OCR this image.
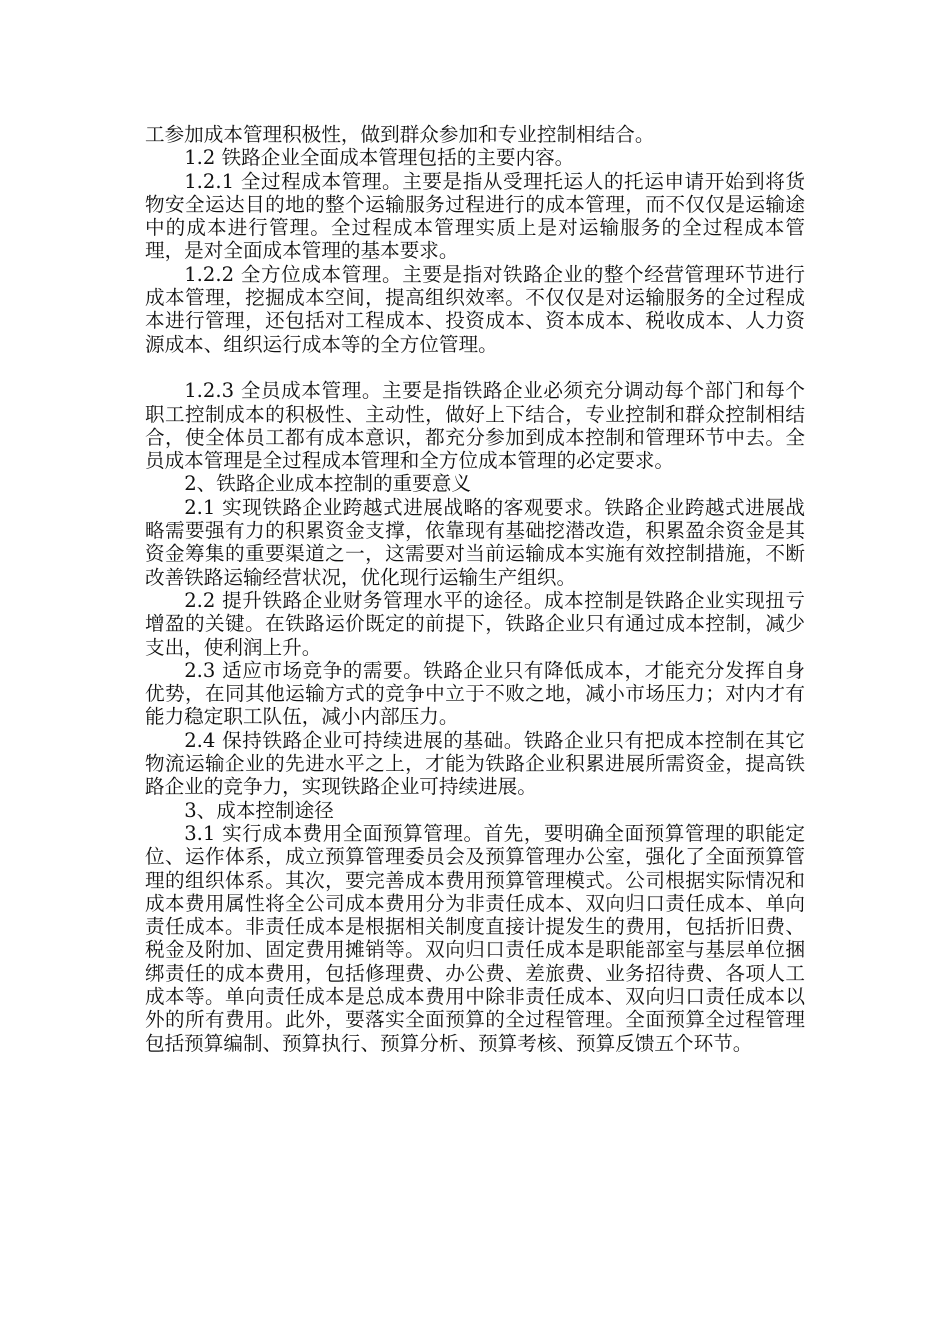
工参加成本管理积极性，做到群众参加和专业控制相结合。

1.2 铁路企业全面成本管理包括的主要内容。

1.2.1 全过程成本管理。主要是指从受理托运人的托运申请开始到将货物安全运达目的地的整个运输服务过程进行的成本管理，而不仅仅是运输途中的成本进行管理。全过程成本管理实质上是对运输服务的全过程成本管理，是对全面成本管理的基本要求。

1.2.2 全方位成本管理。主要是指对铁路企业的整个经营管理环节进行成本管理，挖掘成本空间，提高组织效率。不仅仅是对运输服务的全过程成本进行管理，还包括对工程成本、投资成本、资本成本、税收成本、人力资源成本、组织运行成本等的全方位管理。

1.2.3 全员成本管理。主要是指铁路企业必须充分调动每个部门和每个职工控制成本的积极性、主动性，做好上下结合，专业控制和群众控制相结合，使全体员工都有成本意识，都充分参加到成本控制和管理环节中去。全员成本管理是全过程成本管理和全方位成本管理的必定要求。

2、铁路企业成本控制的重要意义

2.1 实现铁路企业跨越式进展战略的客观要求。铁路企业跨越式进展战略需要强有力的积累资金支撑，依靠现有基础挖潜改造，积累盈余资金是其资金筹集的重要渠道之一，这需要对当前运输成本实施有效控制措施，不断改善铁路运输经营状况，优化现行运输生产组织。

2.2 提升铁路企业财务管理水平的途径。成本控制是铁路企业实现扭亏增盈的关键。在铁路运价既定的前提下，铁路企业只有通过成本控制，减少支出，使利润上升。

2.3 适应市场竞争的需要。铁路企业只有降低成本，才能充分发挥自身优势，在同其他运输方式的竞争中立于不败之地，减小市场压力；对内才有能力稳定职工队伍，减小内部压力。

2.4 保持铁路企业可持续进展的基础。铁路企业只有把成本控制在其它物流运输企业的先进水平之上，才能为铁路企业积累进展所需资金，提高铁路企业的竞争力，实现铁路企业可持续进展。

3、成本控制途径

3.1 实行成本费用全面预算管理。首先，要明确全面预算管理的职能定位、运作体系，成立预算管理委员会及预算管理办公室，强化了全面预算管理的组织体系。其次，要完善成本费用预算管理模式。公司根据实际情况和成本费用属性将全公司成本费用分为非责任成本、双向归口责任成本、单向责任成本。非责任成本是根据相关制度直接计提发生的费用，包括折旧费、税金及附加、固定费用摊销等。双向归口责任成本是职能部室与基层单位捆绑责任的成本费用，包括修理费、办公费、差旅费、业务招待费、各项人工成本等。单向责任成本是总成本费用中除非责任成本、双向归口责任成本以外的所有费用。此外，要落实全面预算的全过程管理。全面预算全过程管理包括预算编制、预算执行、预算分析、预算考核、预算反馈五个环节。
